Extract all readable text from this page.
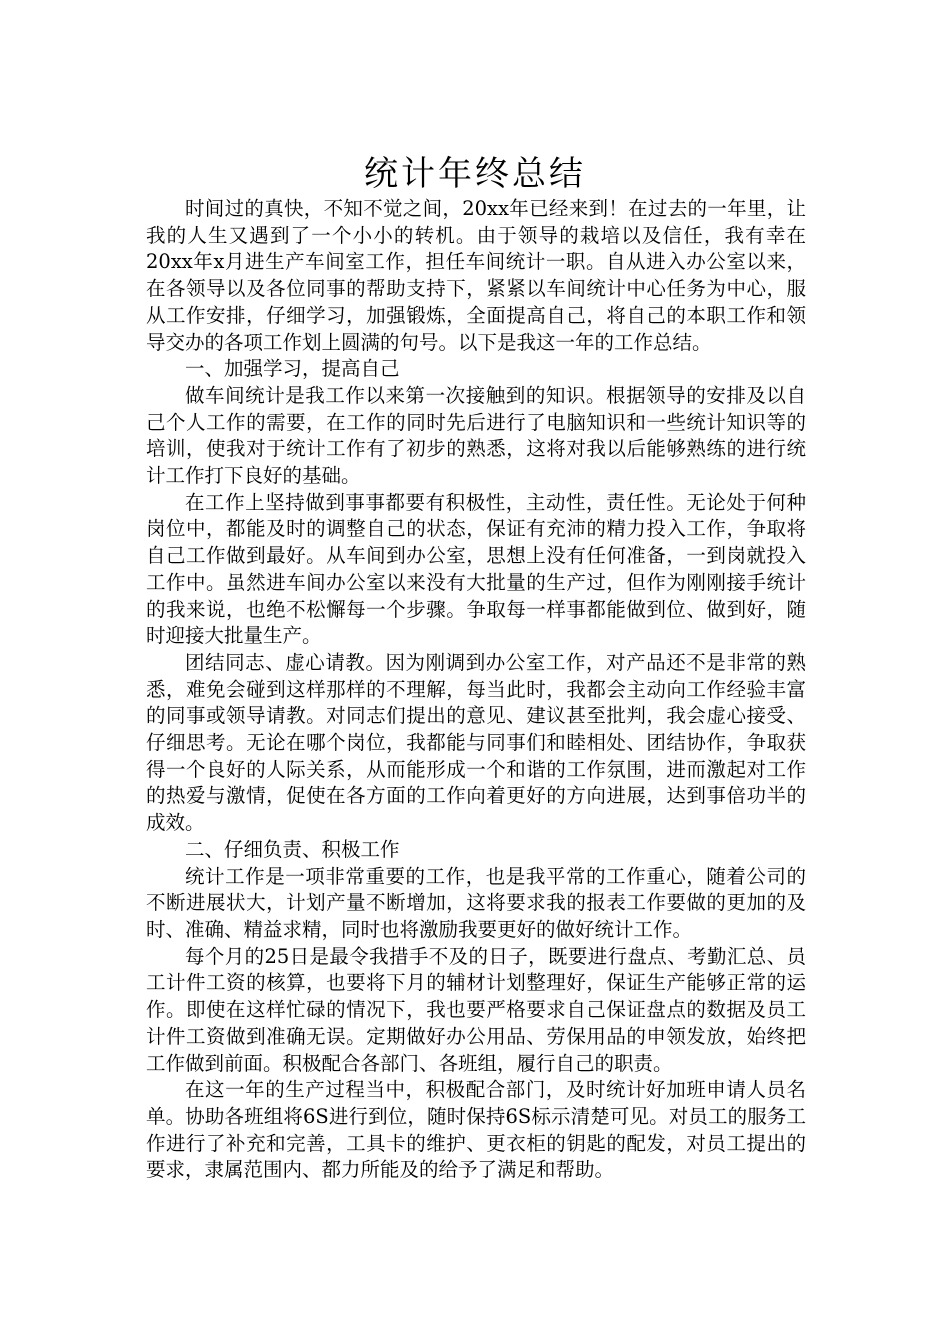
统计年终总结

时间过的真快，不知不觉之间，20xx年已经来到！在过去的一年里，让我的人生又遇到了一个小小的转机。由于领导的栽培以及信任，我有幸在20xx年x月进生产车间室工作，担任车间统计一职。自从进入办公室以来，在各领导以及各位同事的帮助支持下，紧紧以车间统计中心任务为中心，服从工作安排，仔细学习，加强锻炼，全面提高自己，将自己的本职工作和领导交办的各项工作划上圆满的句号。以下是我这一年的工作总结。

一、加强学习，提高自己

做车间统计是我工作以来第一次接触到的知识。根据领导的安排及以自己个人工作的需要，在工作的同时先后进行了电脑知识和一些统计知识等的培训，使我对于统计工作有了初步的熟悉，这将对我以后能够熟练的进行统计工作打下良好的基础。

在工作上坚持做到事事都要有积极性，主动性，责任性。无论处于何种岗位中，都能及时的调整自己的状态，保证有充沛的精力投入工作，争取将自己工作做到最好。从车间到办公室，思想上没有任何准备，一到岗就投入工作中。虽然进车间办公室以来没有大批量的生产过，但作为刚刚接手统计的我来说，也绝不松懈每一个步骤。争取每一样事都能做到位、做到好，随时迎接大批量生产。

团结同志、虚心请教。因为刚调到办公室工作，对产品还不是非常的熟悉，难免会碰到这样那样的不理解，每当此时，我都会主动向工作经验丰富的同事或领导请教。对同志们提出的意见、建议甚至批判，我会虚心接受、仔细思考。无论在哪个岗位，我都能与同事们和睦相处、团结协作，争取获得一个良好的人际关系，从而能形成一个和谐的工作氛围，进而激起对工作的热爱与激情，促使在各方面的工作向着更好的方向进展，达到事倍功半的成效。

二、仔细负责、积极工作

统计工作是一项非常重要的工作，也是我平常的工作重心，随着公司的不断进展状大，计划产量不断增加，这将要求我的报表工作要做的更加的及时、准确、精益求精，同时也将激励我要更好的做好统计工作。

每个月的25日是最令我措手不及的日子，既要进行盘点、考勤汇总、员工计件工资的核算，也要将下月的辅材计划整理好，保证生产能够正常的运作。即使在这样忙碌的情况下，我也要严格要求自己保证盘点的数据及员工计件工资做到准确无误。定期做好办公用品、劳保用品的申领发放，始终把工作做到前面。积极配合各部门、各班组，履行自己的职责。

在这一年的生产过程当中，积极配合部门，及时统计好加班申请人员名单。协助各班组将6S进行到位，随时保持6S标示清楚可见。对员工的服务工作进行了补充和完善，工具卡的维护、更衣柜的钥匙的配发，对员工提出的要求，隶属范围内、都力所能及的给予了满足和帮助。
